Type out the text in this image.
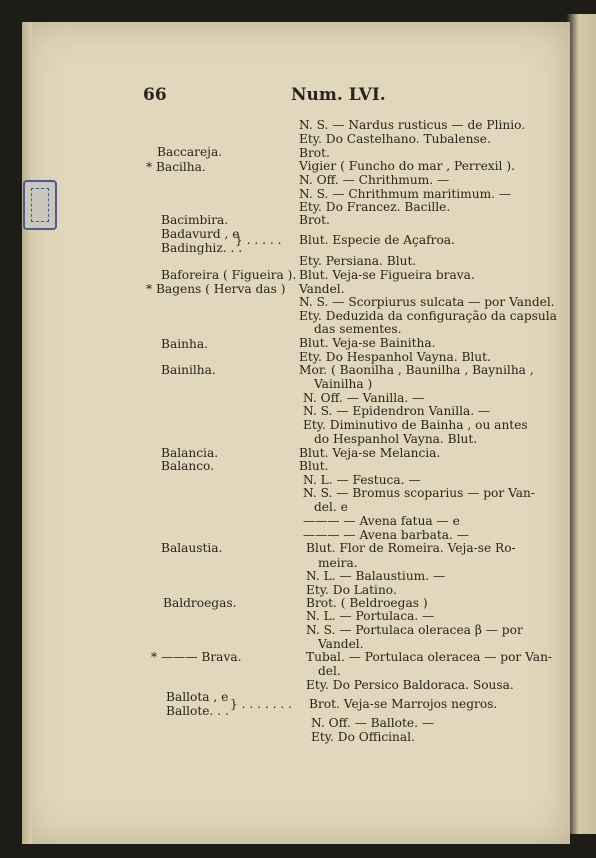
66	Num. LVI.
Baccareja.
* Bacilha.
Bacimbira.
Badavurd , e
Badinghiz. . .
} . . . . .
Baforeira ( Figueira ).
* Bagens ( Herva das )
Bainha.
Bainilha.
Balancia.
Balanco.
Balaustia.
Baldroegas.
* ——— Brava.
Ballota , e
Ballote. . . } . . . . . . .
N. S. — Nardus rusticus — de Plinio.
Ety. Do Castelhano. Tubalense.
Brot.
Vigier ( Funcho do mar , Perrexil ).
N. Off. — Chrithmum. —
N. S. — Chrithmum maritimum. —
Ety. Do Francez. Bacille.
Brot.
Blut. Especie de Açafroa.
Ety. Persiana. Blut.
Blut. Veja-se Figueira brava.
Vandel.
N. S. — Scorpiurus sulcata — por Vandel.
Ety. Deduzida da configuração da capsula
das sementes.
Blut. Veja-se Bainitha.
Ety. Do Hespanhol Vayna. Blut.
Mor. ( Baonilha , Baunilha , Baynilha ,
Vainilha )
N. Off. — Vanilla. —
N. S. — Epidendron Vanilla. —
Ety. Diminutivo de Bainha , ou antes
do Hespanhol Vayna. Blut.
Blut. Veja-se Melancia.
Blut.
N. L. — Festuca. —
N. S. — Bromus scoparius — por Van-
del. e
——— — Avena fatua — e
——— — Avena barbata. —
Blut. Flor de Romeira. Veja-se Ro-
meira.
N. L. — Balaustium. —
Ety. Do Latino.
Brot. ( Beldroegas )
N. L. — Portulaca. —
N. S. — Portulaca oleracea β — por
Vandel.
Tubal. — Portulaca oleracea — por Van-
del.
Ety. Do Persico Baldoraca. Sousa.
Brot. Veja-se Marrojos negros.
N. Off. — Ballote. —
Ety. Do Officinal.
